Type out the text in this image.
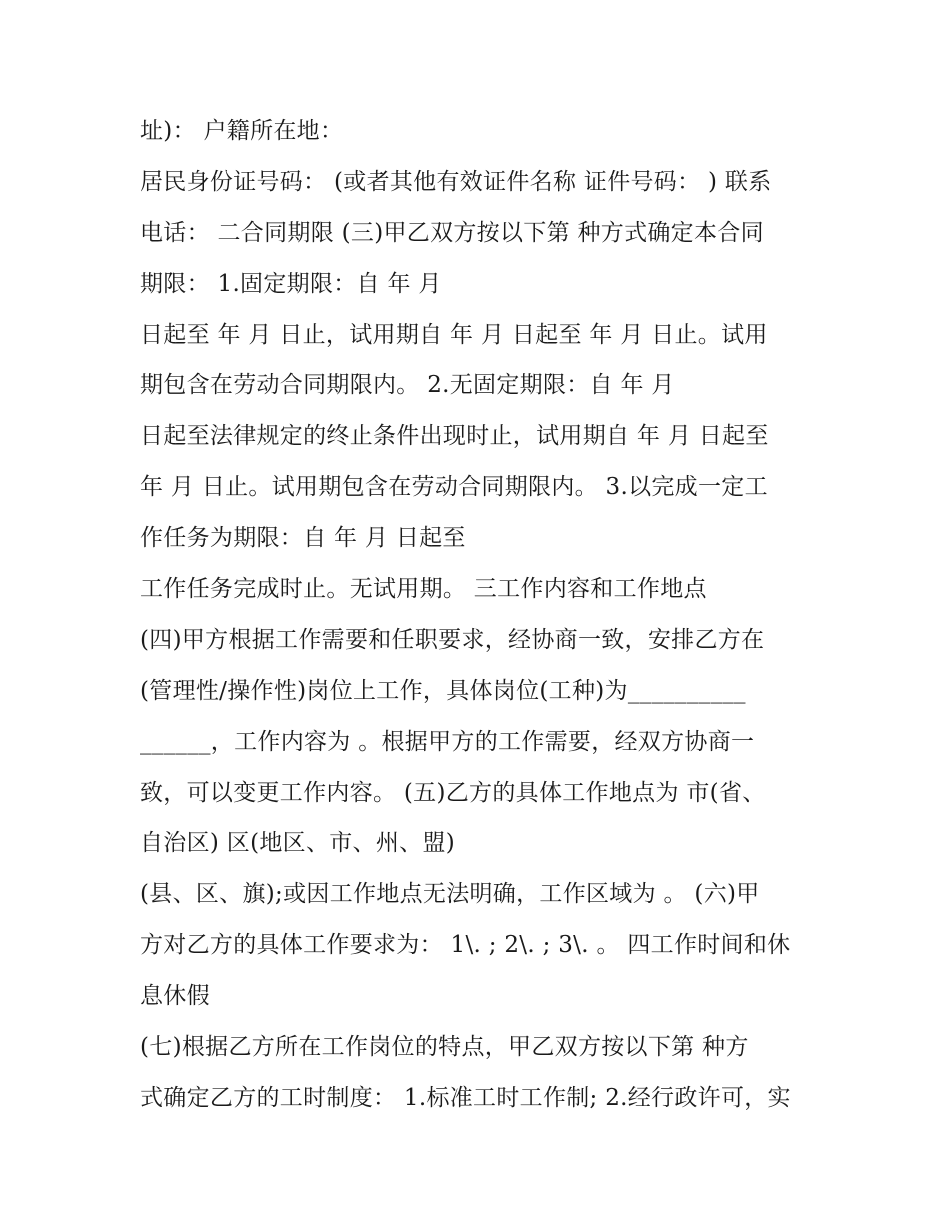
址)： 户籍所在地：
居民身份证号码： (或者其他有效证件名称 证件号码： ) 联系
电话： 二合同期限 (三)甲乙双方按以下第 种方式确定本合同
期限： 1.固定期限：自 年 月
日起至 年 月 日止，试用期自 年 月 日起至 年 月 日止。试用
期包含在劳动合同期限内。 2.无固定期限：自 年 月
日起至法律规定的终止条件出现时止，试用期自 年 月 日起至
年 月 日止。试用期包含在劳动合同期限内。 3.以完成一定工
作任务为期限：自 年 月 日起至
工作任务完成时止。无试用期。 三工作内容和工作地点
(四)甲方根据工作需要和任职要求，经协商一致，安排乙方在
(管理性/操作性)岗位上工作，具体岗位(工种)为__________
______，工作内容为 。根据甲方的工作需要，经双方协商一
致，可以变更工作内容。 (五)乙方的具体工作地点为 市(省、
自治区) 区(地区、市、州、盟)
(县、区、旗);或因工作地点无法明确，工作区域为 。 (六)甲
方对乙方的具体工作要求为： 1\. ; 2\. ; 3\. 。 四工作时间和休
息休假
(七)根据乙方所在工作岗位的特点，甲乙双方按以下第 种方
式确定乙方的工时制度： 1.标准工时工作制; 2.经行政许可，实
